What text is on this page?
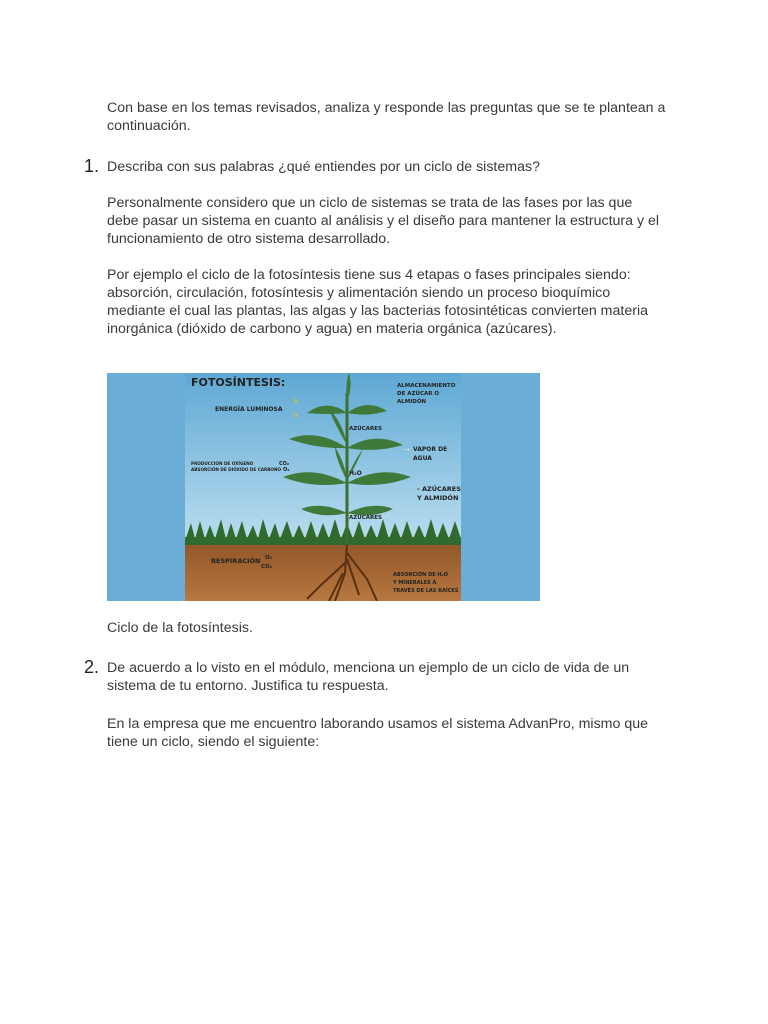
Con base en los temas revisados, analiza y responde las preguntas que se te plantean a continuación.

1. Describa con sus palabras ¿qué entiendes por un ciclo de sistemas?

Personalmente considero que un ciclo de sistemas se trata de las fases por las que debe pasar un sistema en cuanto al análisis y el diseño para mantener la estructura y el funcionamiento de otro sistema desarrollado.

Por ejemplo el ciclo de la fotosíntesis tiene sus 4 etapas o fases principales siendo: absorción, circulación, fotosíntesis y alimentación siendo un proceso bioquímico mediante el cual las plantas, las algas y las bacterias fotosintéticas convierten materia inorgánica (dióxido de carbono y agua) en materia orgánica (azúcares).

FOTOSÍNTESIS:
ENERGÍA LUMINOSA
↘
↘
ALMACENAMIENTO
DE AZÚCAR O
ALMIDÓN
AZÚCARES
→ VAPOR DE
AGUA
PRODUCCIÓN DE OXÍGENO
ABSORCIÓN DE DIÓXIDO DE CARBONO
CO₂
O₂	H₂O
- AZÚCARES
Y ALMIDÓN
AZÚCARES
RESPIRACIÓN O₂
CO₂
ABSORCIÓN DE H₂O
Y MINERALES A
TRAVÉS DE LAS RAÍCES

Ciclo de la fotosíntesis.

2. De acuerdo a lo visto en el módulo, menciona un ejemplo de un ciclo de vida de un sistema de tu entorno. Justifica tu respuesta.

En la empresa que me encuentro laborando usamos el sistema AdvanPro, mismo que tiene un ciclo, siendo el siguiente:
